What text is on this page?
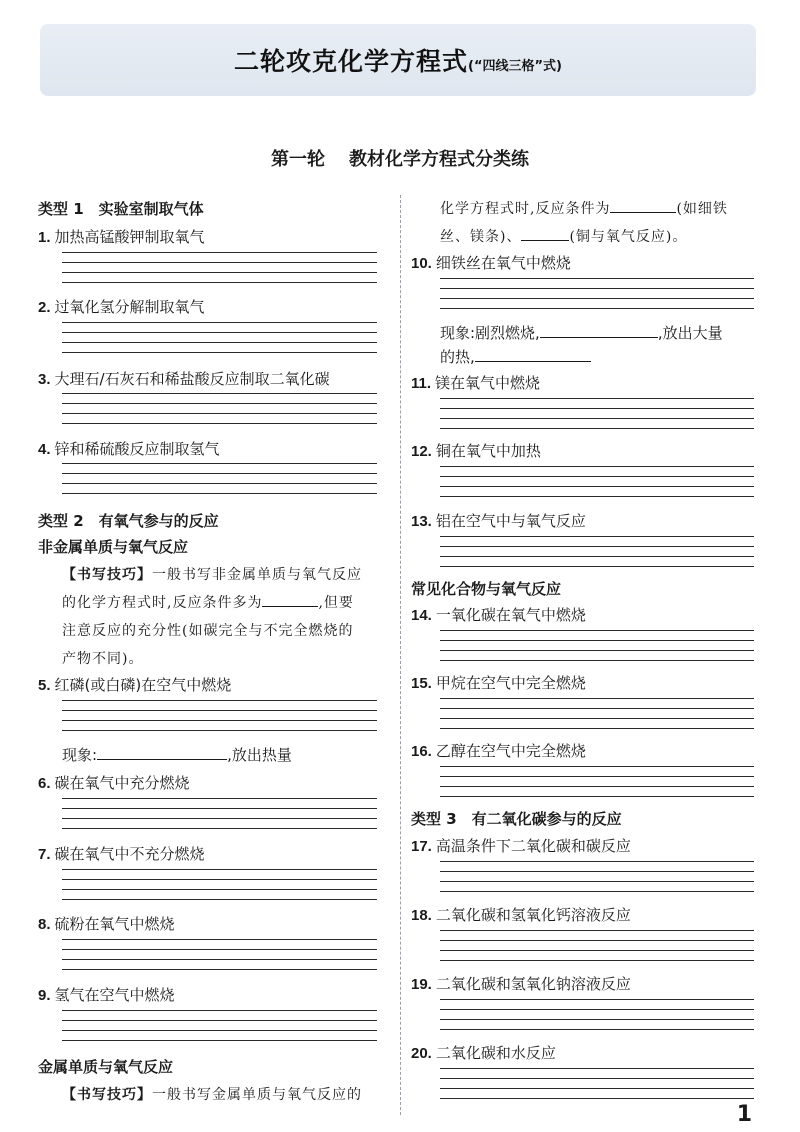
二轮攻克化学方程式(“四线三格”式)
第一轮 教材化学方程式分类练
类型 1　实验室制取气体
1. 加热高锰酸钾制取氧气
2. 过氧化氢分解制取氧气
3. 大理石/石灰石和稀盐酸反应制取二氧化碳
4. 锌和稀硫酸反应制取氢气
类型 2　有氧气参与的反应
非金属单质与氧气反应
【书写技巧】一般书写非金属单质与氧气反应
的化学方程式时,反应条件多为	,但要
注意反应的充分性(如碳完全与不完全燃烧的
产物不同)。
5. 红磷(或白磷)在空气中燃烧
现象:	,放出热量
6. 碳在氧气中充分燃烧
7. 碳在氧气中不充分燃烧
8. 硫粉在氧气中燃烧
9. 氢气在空气中燃烧
金属单质与氧气反应
【书写技巧】一般书写金属单质与氧气反应的
化学方程式时,反应条件为	(如细铁
丝、镁条)、	(铜与氧气反应)。
10. 细铁丝在氧气中燃烧
现象:剧烈燃烧,	,放出大量
的热,
11. 镁在氧气中燃烧
12. 铜在氧气中加热
13. 铝在空气中与氧气反应
常见化合物与氧气反应
14. 一氧化碳在氧气中燃烧
15. 甲烷在空气中完全燃烧
16. 乙醇在空气中完全燃烧
类型 3　有二氧化碳参与的反应
17. 高温条件下二氧化碳和碳反应
18. 二氧化碳和氢氧化钙溶液反应
19. 二氧化碳和氢氧化钠溶液反应
20. 二氧化碳和水反应
1
